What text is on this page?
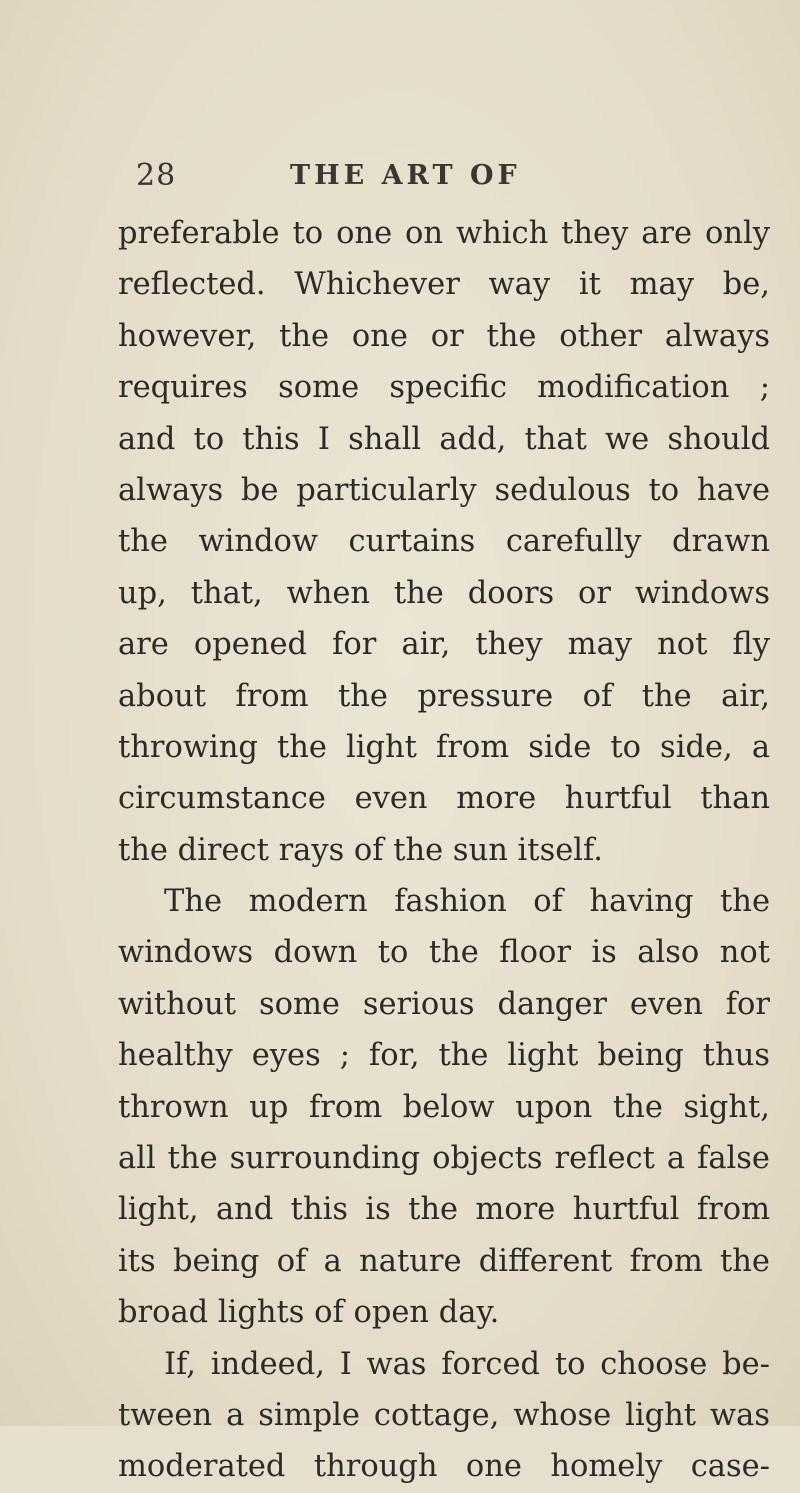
28	THE ART OF
preferable to one on which they are only
reflected. Whichever way it may be,
however, the one or the other always
requires some specific modification ;
and to this I shall add, that we should
always be particularly sedulous to have
the window curtains carefully drawn
up, that, when the doors or windows
are opened for air, they may not fly
about from the pressure of the air,
throwing the light from side to side, a
circumstance even more hurtful than
the direct rays of the sun itself.
The modern fashion of having the
windows down to the floor is also not
without some serious danger even for
healthy eyes ; for, the light being thus
thrown up from below upon the sight,
all the surrounding objects reflect a false
light, and this is the more hurtful from
its being of a nature different from the
broad lights of open day.
If, indeed, I was forced to choose be-
tween a simple cottage, whose light was
moderated through one homely case-
